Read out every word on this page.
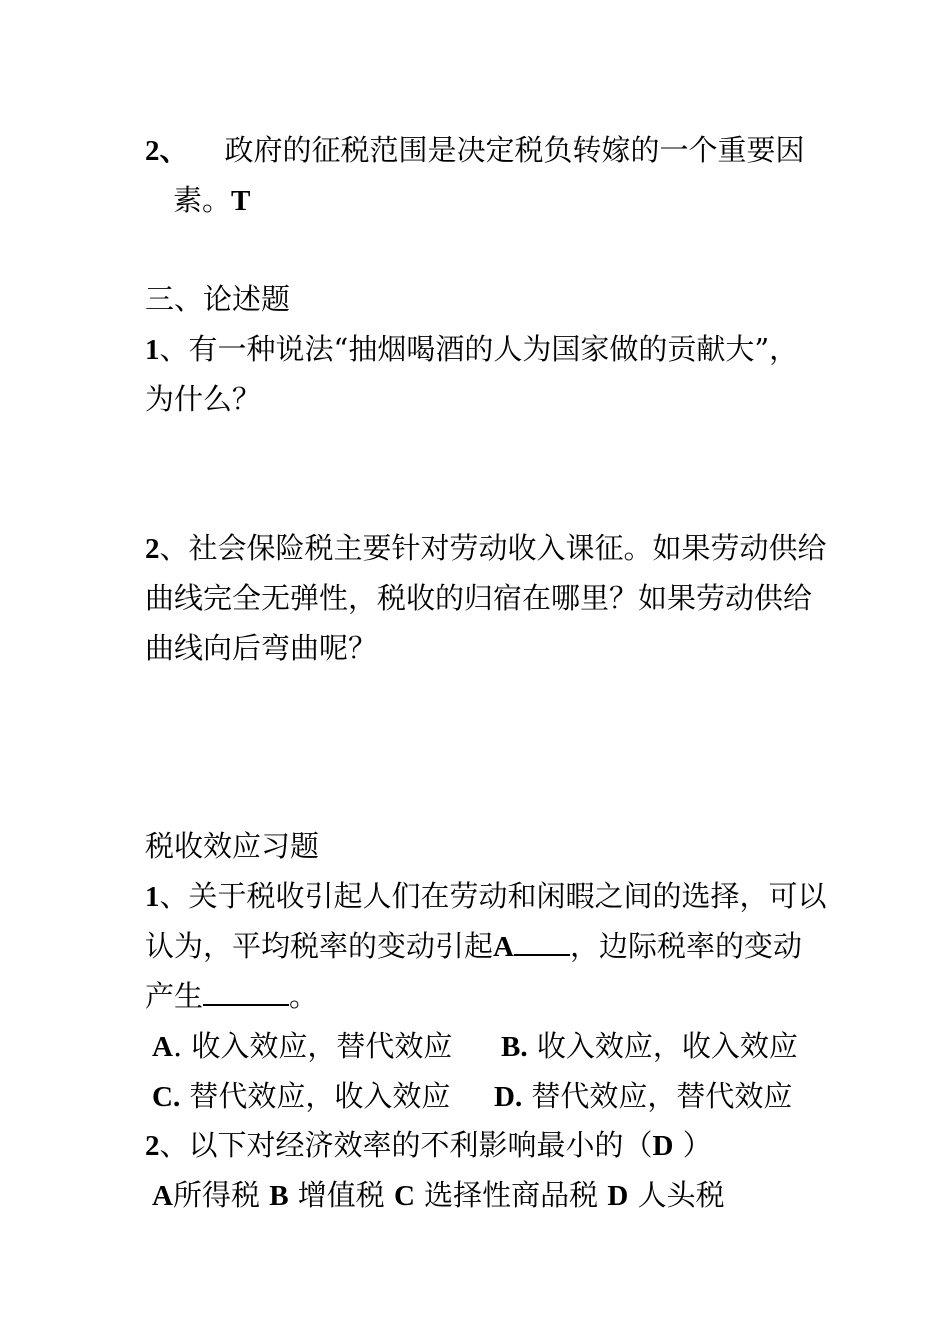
2、 政府的征税范围是决定税负转嫁的一个重要因
素。T
三、论述题
1、有一种说法“抽烟喝酒的人为国家做的贡献大”，
为什么？
2、社会保险税主要针对劳动收入课征。如果劳动供给
曲线完全无弹性，税收的归宿在哪里？如果劳动供给
曲线向后弯曲呢？
税收效应习题
1、关于税收引起人们在劳动和闲暇之间的选择，可以
认为，平均税率的变动引起A ，边际税率的变动
产生	。
A. 收入效应，替代效应 B. 收入效应，收入效应
C. 替代效应，收入效应 D. 替代效应，替代效应
2、以下对经济效率的不利影响最小的（D ）
A所得税 B 增值税 C 选择性商品税 D 人头税
